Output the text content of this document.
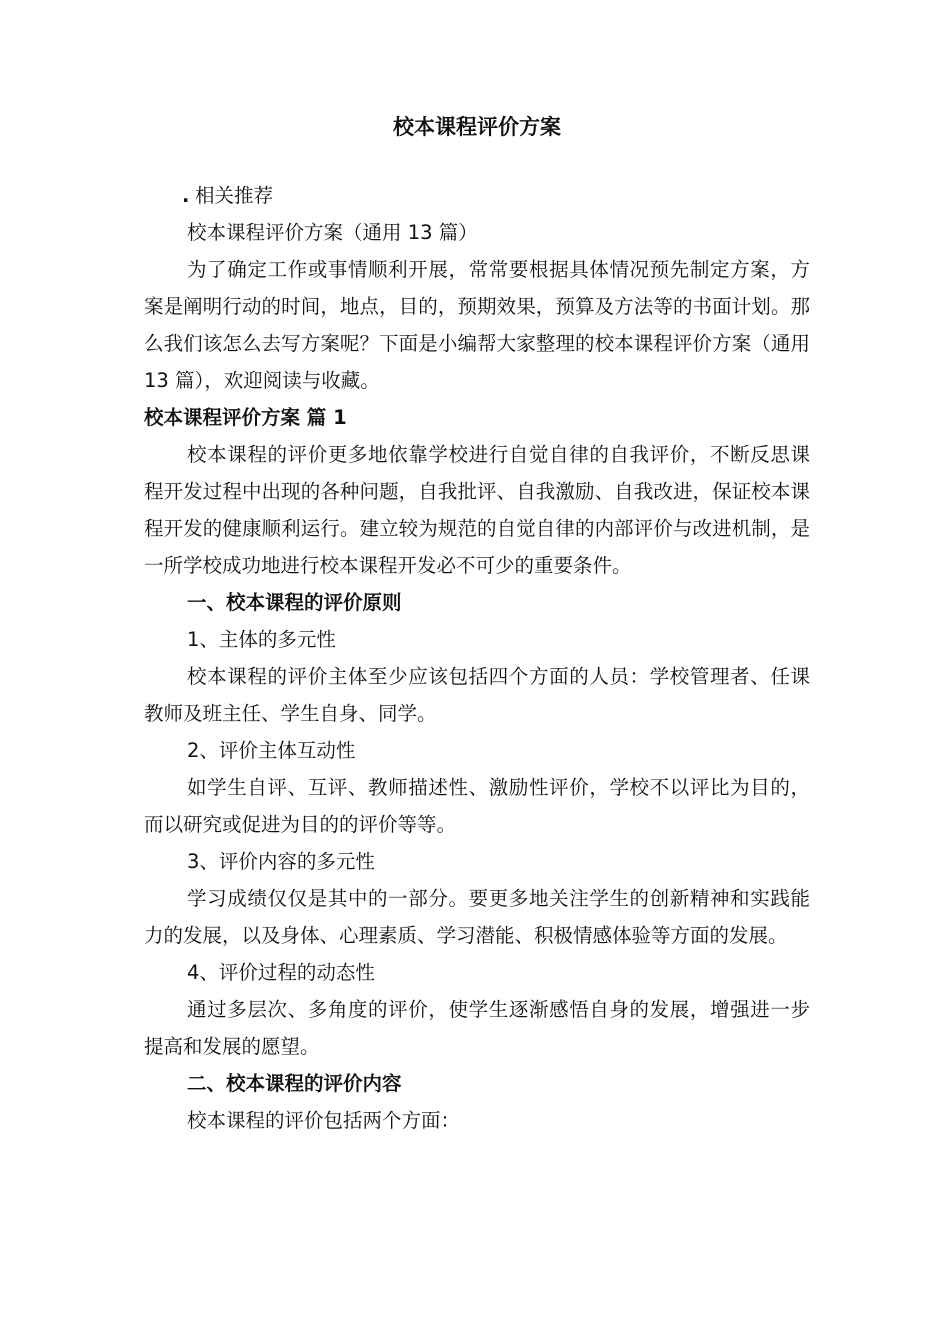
校本课程评价方案

. 相关推荐

校本课程评价方案（通用 13 篇）

为了确定工作或事情顺利开展，常常要根据具体情况预先制定方案，方案是阐明行动的时间，地点，目的，预期效果，预算及方法等的书面计划。那么我们该怎么去写方案呢？下面是小编帮大家整理的校本课程评价方案（通用 13 篇），欢迎阅读与收藏。

校本课程评价方案 篇 1

校本课程的评价更多地依靠学校进行自觉自律的自我评价，不断反思课程开发过程中出现的各种问题，自我批评、自我激励、自我改进，保证校本课程开发的健康顺利运行。建立较为规范的自觉自律的内部评价与改进机制，是一所学校成功地进行校本课程开发必不可少的重要条件。

一、校本课程的评价原则

1、主体的多元性

校本课程的评价主体至少应该包括四个方面的人员：学校管理者、任课教师及班主任、学生自身、同学。

2、评价主体互动性

如学生自评、互评、教师描述性、激励性评价，学校不以评比为目的，而以研究或促进为目的的评价等等。

3、评价内容的多元性

学习成绩仅仅是其中的一部分。要更多地关注学生的创新精神和实践能力的发展，以及身体、心理素质、学习潜能、积极情感体验等方面的发展。

4、评价过程的动态性

通过多层次、多角度的评价，使学生逐渐感悟自身的发展，增强进一步提高和发展的愿望。

二、校本课程的评价内容

校本课程的评价包括两个方面：
